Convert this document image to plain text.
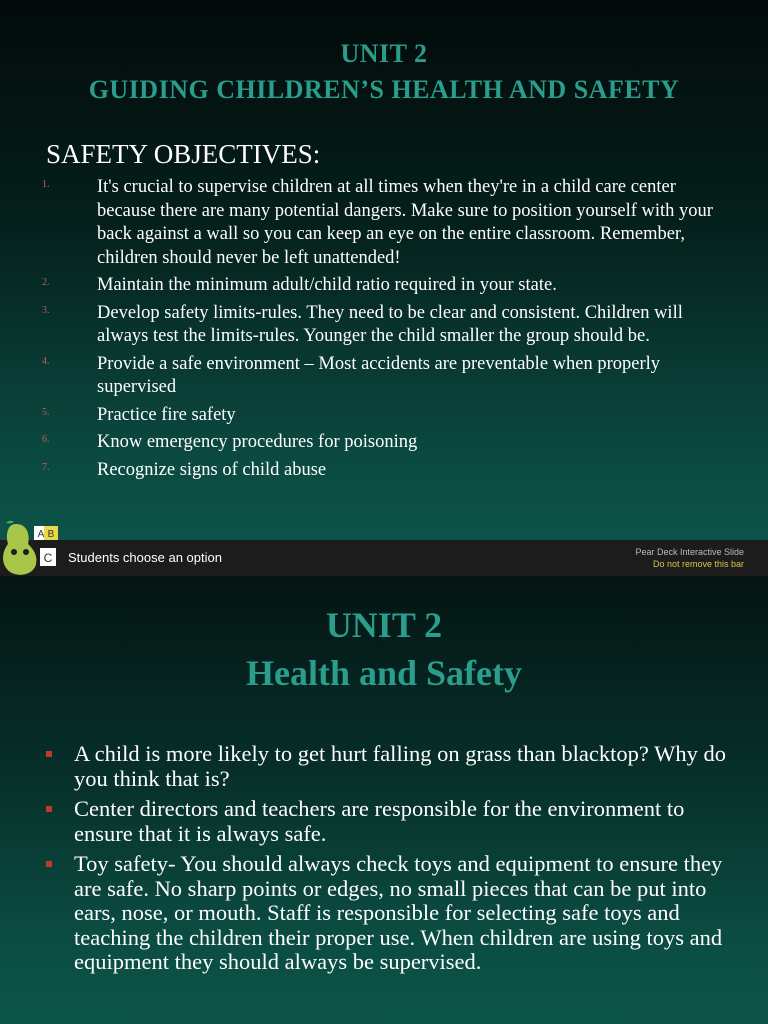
UNIT 2
GUIDING CHILDREN’S HEALTH AND SAFETY
SAFETY OBJECTIVES:
1.	It's crucial to supervise children at all times when they're in a child care center because there are many potential dangers. Make sure to position yourself with your back against a wall so you can keep an eye on the entire classroom. Remember, children should never be left unattended!
2.	Maintain the minimum adult/child ratio required in your state.
3.	Develop safety limits-rules. They need to be clear and consistent. Children will always test the limits-rules. Younger the child smaller the group should be.
4.	Provide a safe environment – Most accidents are preventable when properly supervised
5.	Practice fire safety
6.	Know emergency procedures for poisoning
7.	Recognize signs of child abuse
A B
C Students choose an option	Pear Deck Interactive Slide
Do not remove this bar
UNIT 2
Health and Safety
A child is more likely to get hurt falling on grass than blacktop? Why do you think that is?
Center directors and teachers are responsible for the environment to ensure that it is always safe.
Toy safety- You should always check toys and equipment to ensure they are safe. No sharp points or edges, no small pieces that can be put into ears, nose, or mouth. Staff is responsible for selecting safe toys and teaching the children their proper use. When children are using toys and equipment they should always be supervised.
